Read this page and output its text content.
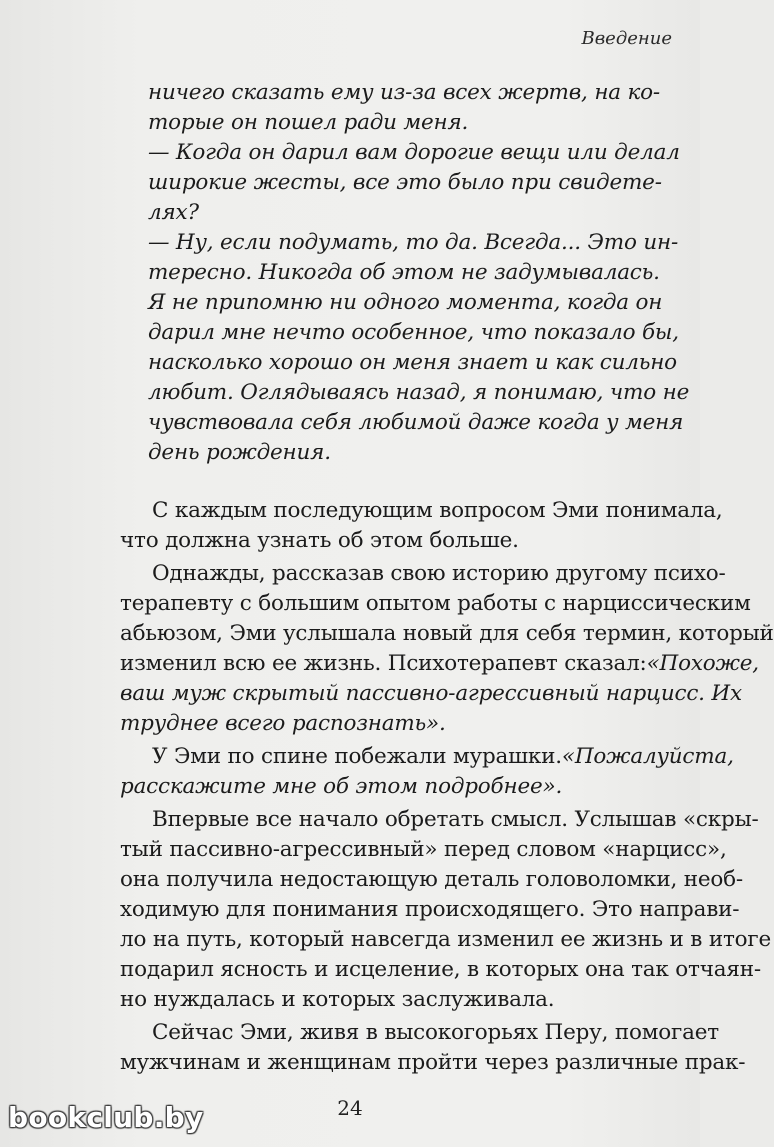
Введение
ничего сказать ему из-за всех жертв, на ко-
торые он пошел ради меня.
— Когда он дарил вам дорогие вещи или делал
широкие жесты, все это было при свидете-
лях?
— Ну, если подумать, то да. Всегда... Это ин-
тересно. Никогда об этом не задумывалась.
Я не припомню ни одного момента, когда он
дарил мне нечто особенное, что показало бы,
насколько хорошо он меня знает и как сильно
любит. Оглядываясь назад, я понимаю, что не
чувствовала себя любимой даже когда у меня
день рождения.
С каждым последующим вопросом Эми понимала,
что должна узнать об этом больше.
Однажды, рассказав свою историю другому психо-
терапевту с большим опытом работы с нарциссическим
абьюзом, Эми услышала новый для себя термин, который
изменил всю ее жизнь. Психотерапевт сказал: «Похоже,
ваш муж скрытый пассивно-агрессивный нарцисс. Их
труднее всего распознать».
У Эми по спине побежали мурашки. «Пожалуйста,
расскажите мне об этом подробнее».
Впервые все начало обретать смысл. Услышав «скры-
тый пассивно-агрессивный» перед словом «нарцисс»,
она получила недостающую деталь головоломки, необ-
ходимую для понимания происходящего. Это направи-
ло на путь, который навсегда изменил ее жизнь и в итоге
подарил ясность и исцеление, в которых она так отчаян-
но нуждалась и которых заслуживала.
Сейчас Эми, живя в высокогорьях Перу, помогает
мужчинам и женщинам пройти через различные прак-
24
bookclub.by
